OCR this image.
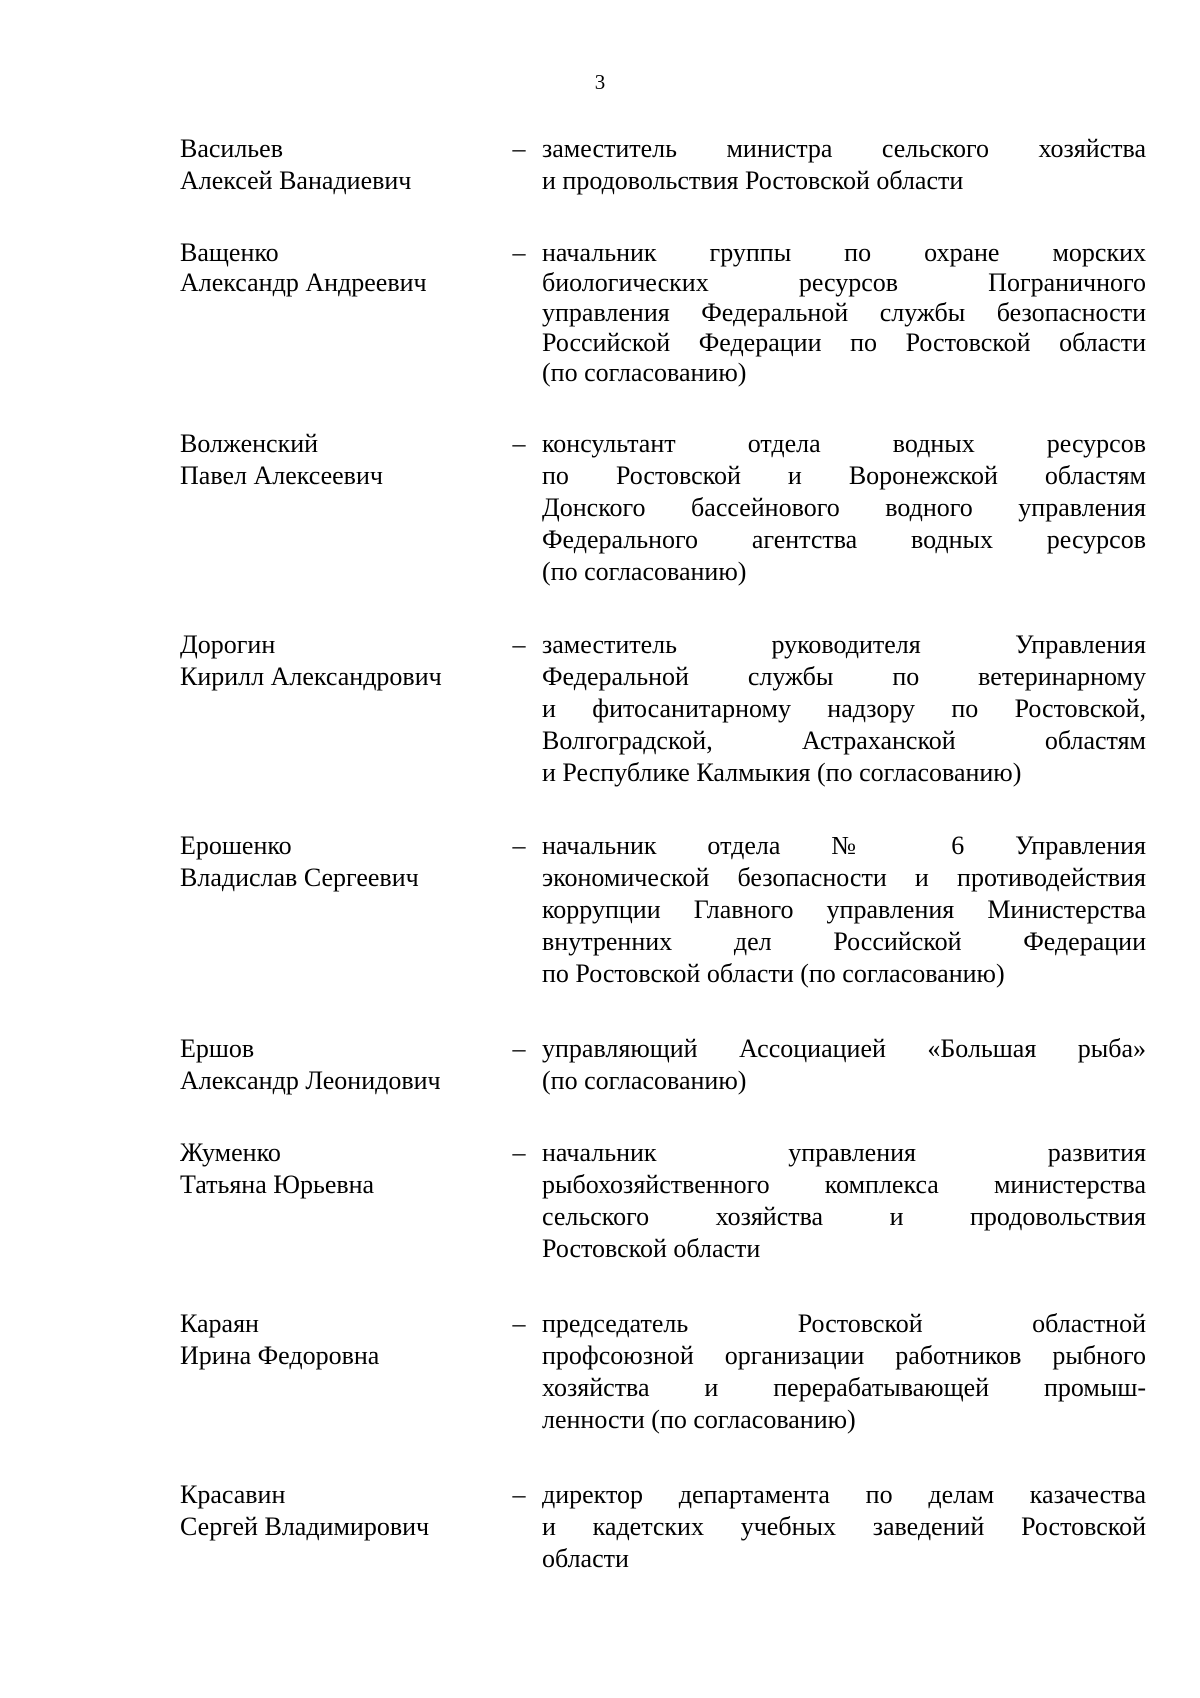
3
Васильев
Алексей Ванадиевич
– заместитель министра сельского хозяйства
и продовольствия Ростовской области
Ващенко
Александр Андреевич
– начальник группы по охране морских
биологических ресурсов Пограничного
управления Федеральной службы безопасности
Российской Федерации по Ростовской области
(по согласованию)
Волженский
Павел Алексеевич
– консультант отдела водных ресурсов
по Ростовской и Воронежской областям
Донского бассейнового водного управления
Федерального агентства водных ресурсов
(по согласованию)
Дорогин
Кирилл Александрович
– заместитель руководителя Управления
Федеральной службы по ветеринарному
и фитосанитарному надзору по Ростовской,
Волгоградской, Астраханской областям
и Республике Калмыкия (по согласованию)
Ерошенко
Владислав Сергеевич
– начальник отдела № 6 Управления
экономической безопасности и противодействия
коррупции Главного управления Министерства
внутренних дел Российской Федерации
по Ростовской области (по согласованию)
Ершов
Александр Леонидович
– управляющий Ассоциацией «Большая рыба»
(по согласованию)
Жуменко
Татьяна Юрьевна
– начальник управления развития
рыбохозяйственного комплекса министерства
сельского хозяйства и продовольствия
Ростовской области
Караян
Ирина Федоровна
– председатель Ростовской областной
профсоюзной организации работников рыбного
хозяйства и перерабатывающей промыш-
ленности (по согласованию)
Красавин
Сергей Владимирович
– директор департамента по делам казачества
и кадетских учебных заведений Ростовской
области
